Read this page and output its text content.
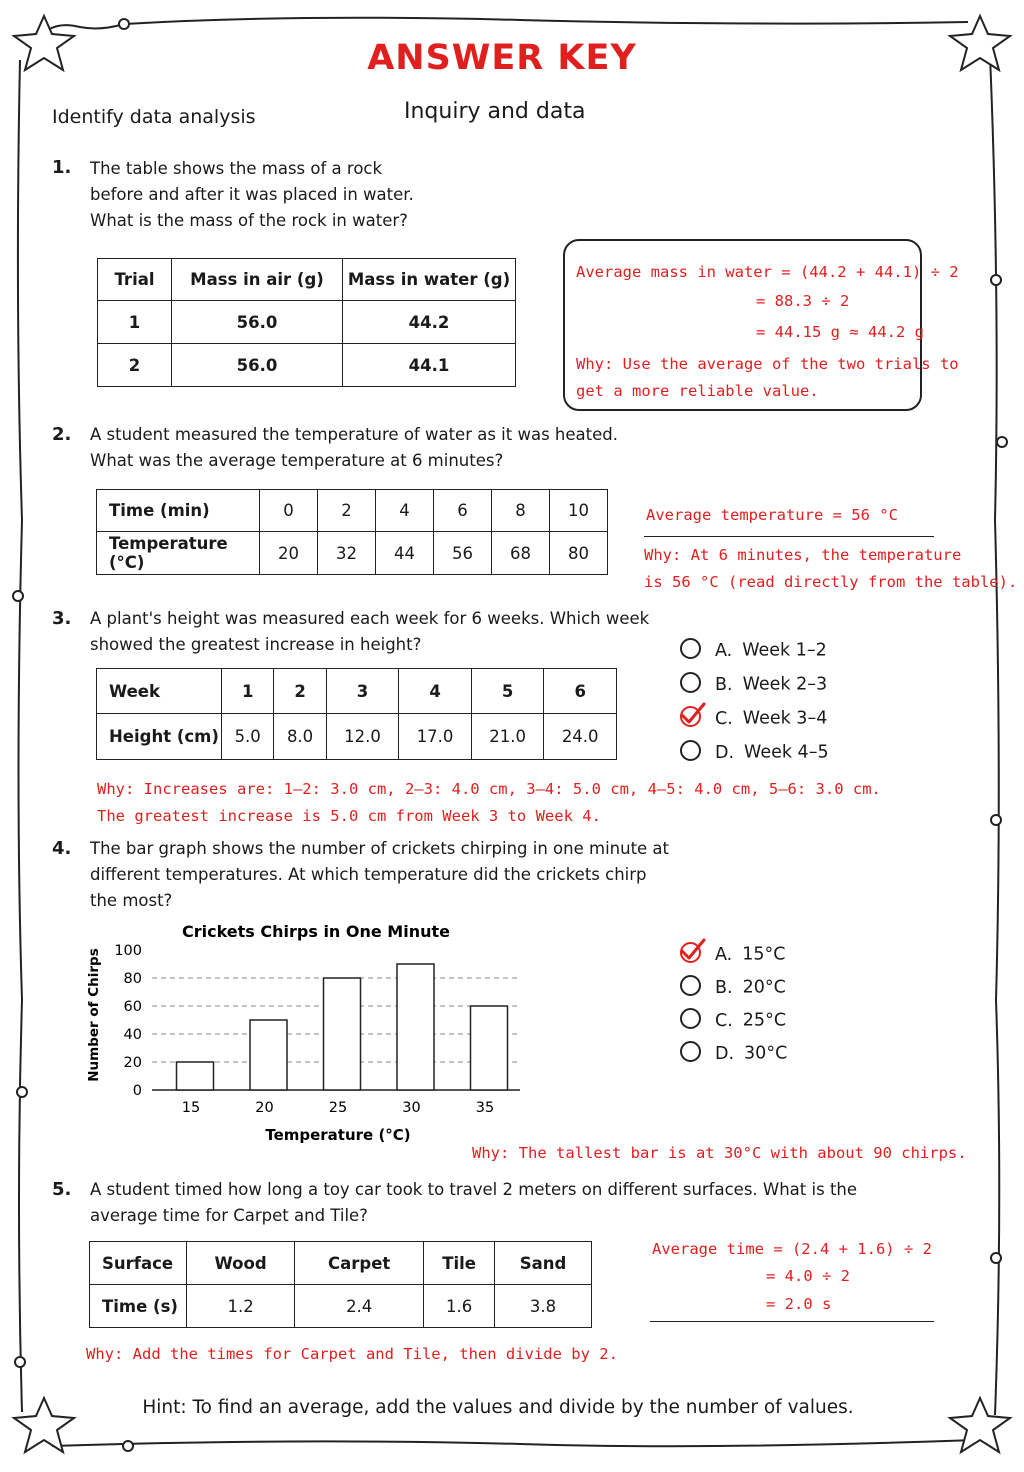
ANSWER KEY
Identify data analysis	Inquiry and data
1. The table shows the mass of a rock
before and after it was placed in water.
What is the mass of the rock in water?
Trial	Mass in air (g)	Mass in water (g)
1	56.0	44.2
2	56.0	44.1
Average mass in water = (44.2 + 44.1) ÷ 2
= 88.3 ÷ 2
= 44.15 g ≈ 44.2 g
Why: Use the average of the two trials to
get a more reliable value.
2. A student measured the temperature of water as it was heated.
What was the average temperature at 6 minutes?
Time (min)	0	2	4	6	8	10
Temperature (°C)	20	32	44	56	68	80
Average temperature = 56 °C
Why: At 6 minutes, the temperature
is 56 °C (read directly from the table).
3. A plant's height was measured each week for 6 weeks. Which week
showed the greatest increase in height?
Week	1	2	3	4	5	6
Height (cm)	5.0	8.0	12.0	17.0	21.0	24.0
A. Week 1–2
B. Week 2–3
C. Week 3–4
D. Week 4–5
Why: Increases are: 1–2: 3.0 cm, 2–3: 4.0 cm, 3–4: 5.0 cm, 4–5: 4.0 cm, 5–6: 3.0 cm.
The greatest increase is 5.0 cm from Week 3 to Week 4.
4. The bar graph shows the number of crickets chirping in one minute at
different temperatures. At which temperature did the crickets chirp
the most?
Crickets Chirps in One Minute
Number of Chirps
Temperature (°C)
0
20
40
60
80
100
15	20	25	30	35
A. 15°C
B. 20°C
C. 25°C
D. 30°C
Why: The tallest bar is at 30°C with about 90 chirps.
5. A student timed how long a toy car took to travel 2 meters on different surfaces. What is the
average time for Carpet and Tile?
Surface	Wood	Carpet	Tile	Sand
Time (s)	1.2	2.4	1.6	3.8
Average time = (2.4 + 1.6) ÷ 2
= 4.0 ÷ 2
= 2.0 s
Why: Add the times for Carpet and Tile, then divide by 2.
Hint: To find an average, add the values and divide by the number of values.
